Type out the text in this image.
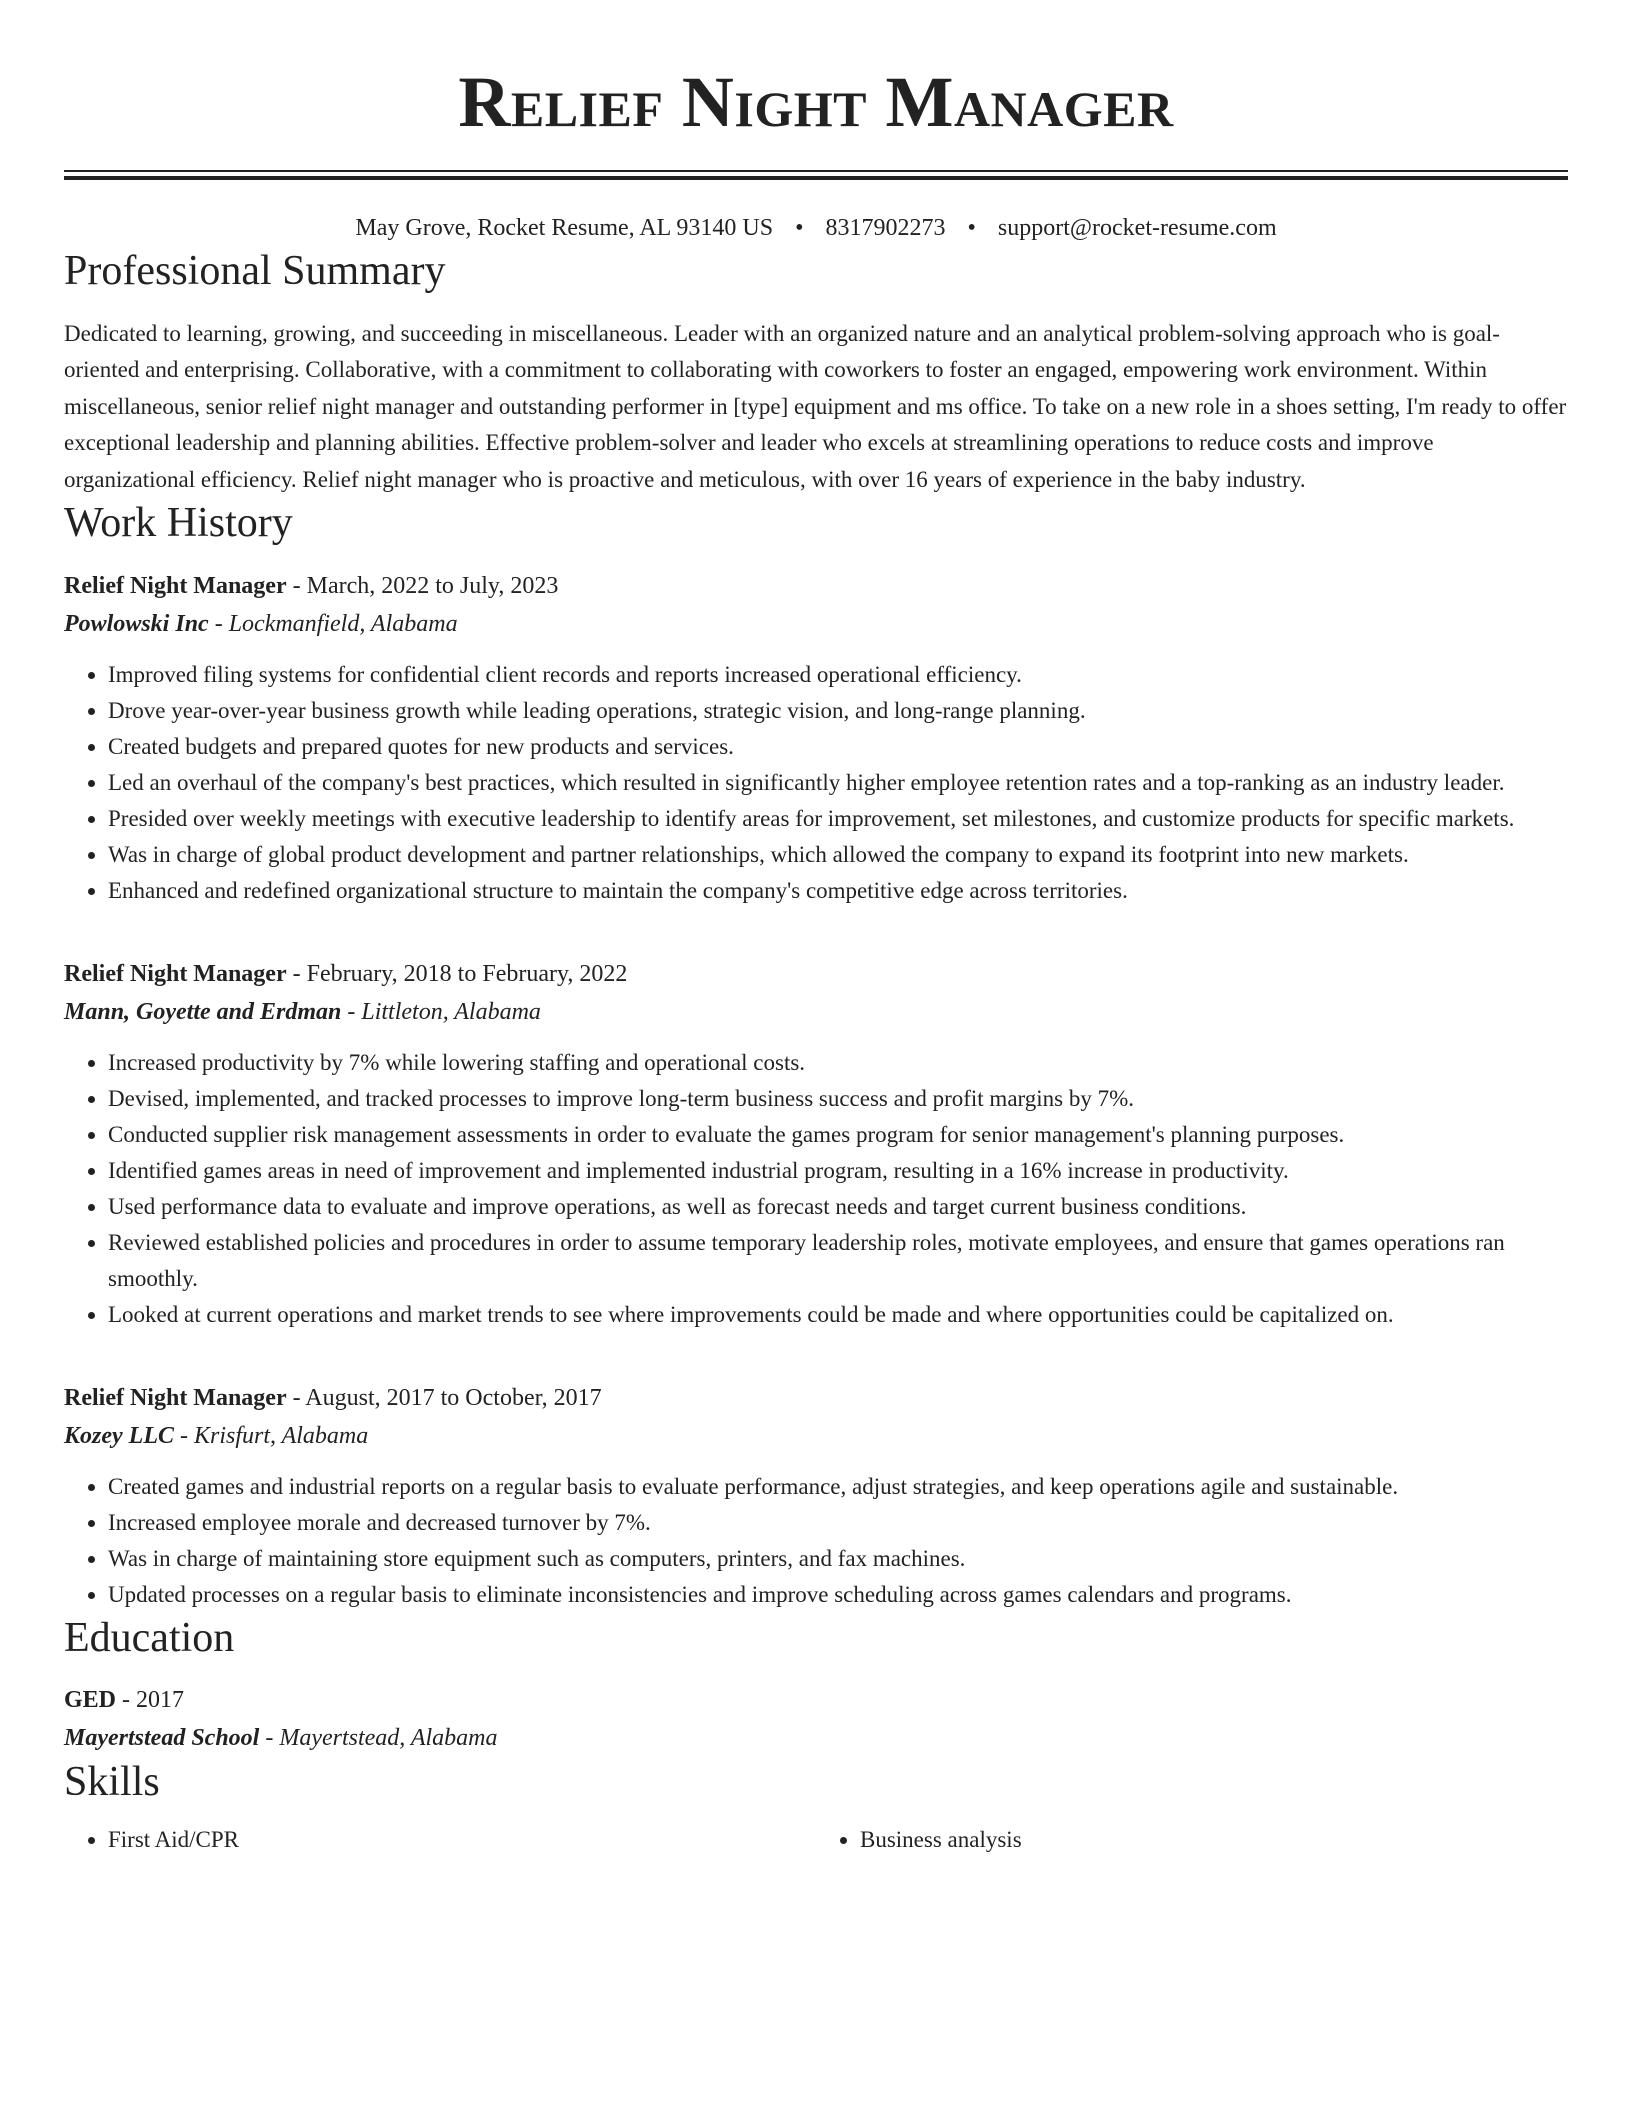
Relief Night Manager
May Grove, Rocket Resume, AL 93140 US • 8317902273 • support@rocket-resume.com
Professional Summary

Dedicated to learning, growing, and succeeding in miscellaneous. Leader with an organized nature and an analytical problem-solving approach who is goal-oriented and enterprising. Collaborative, with a commitment to collaborating with coworkers to foster an engaged, empowering work environment. Within miscellaneous, senior relief night manager and outstanding performer in [type] equipment and ms office. To take on a new role in a shoes setting, I'm ready to offer exceptional leadership and planning abilities. Effective problem-solver and leader who excels at streamlining operations to reduce costs and improve organizational efficiency. Relief night manager who is proactive and meticulous, with over 16 years of experience in the baby industry.

Work History
Relief Night Manager - March, 2022 to July, 2023
Powlowski Inc - Lockmanfield, Alabama
• Improved filing systems for confidential client records and reports increased operational efficiency.
• Drove year-over-year business growth while leading operations, strategic vision, and long-range planning.
• Created budgets and prepared quotes for new products and services.
• Led an overhaul of the company's best practices, which resulted in significantly higher employee retention rates and a top-ranking as an industry leader.
• Presided over weekly meetings with executive leadership to identify areas for improvement, set milestones, and customize products for specific markets.
• Was in charge of global product development and partner relationships, which allowed the company to expand its footprint into new markets.
• Enhanced and redefined organizational structure to maintain the company's competitive edge across territories.
Relief Night Manager - February, 2018 to February, 2022
Mann, Goyette and Erdman - Littleton, Alabama
• Increased productivity by 7% while lowering staffing and operational costs.
• Devised, implemented, and tracked processes to improve long-term business success and profit margins by 7%.
• Conducted supplier risk management assessments in order to evaluate the games program for senior management's planning purposes.
• Identified games areas in need of improvement and implemented industrial program, resulting in a 16% increase in productivity.
• Used performance data to evaluate and improve operations, as well as forecast needs and target current business conditions.
• Reviewed established policies and procedures in order to assume temporary leadership roles, motivate employees, and ensure that games operations ran smoothly.
• Looked at current operations and market trends to see where improvements could be made and where opportunities could be capitalized on.
Relief Night Manager - August, 2017 to October, 2017
Kozey LLC - Krisfurt, Alabama
• Created games and industrial reports on a regular basis to evaluate performance, adjust strategies, and keep operations agile and sustainable.
• Increased employee morale and decreased turnover by 7%.
• Was in charge of maintaining store equipment such as computers, printers, and fax machines.
• Updated processes on a regular basis to eliminate inconsistencies and improve scheduling across games calendars and programs.
Education
GED - 2017
Mayertstead School - Mayertstead, Alabama
Skills
• First Aid/CPR
•	Business analysis
